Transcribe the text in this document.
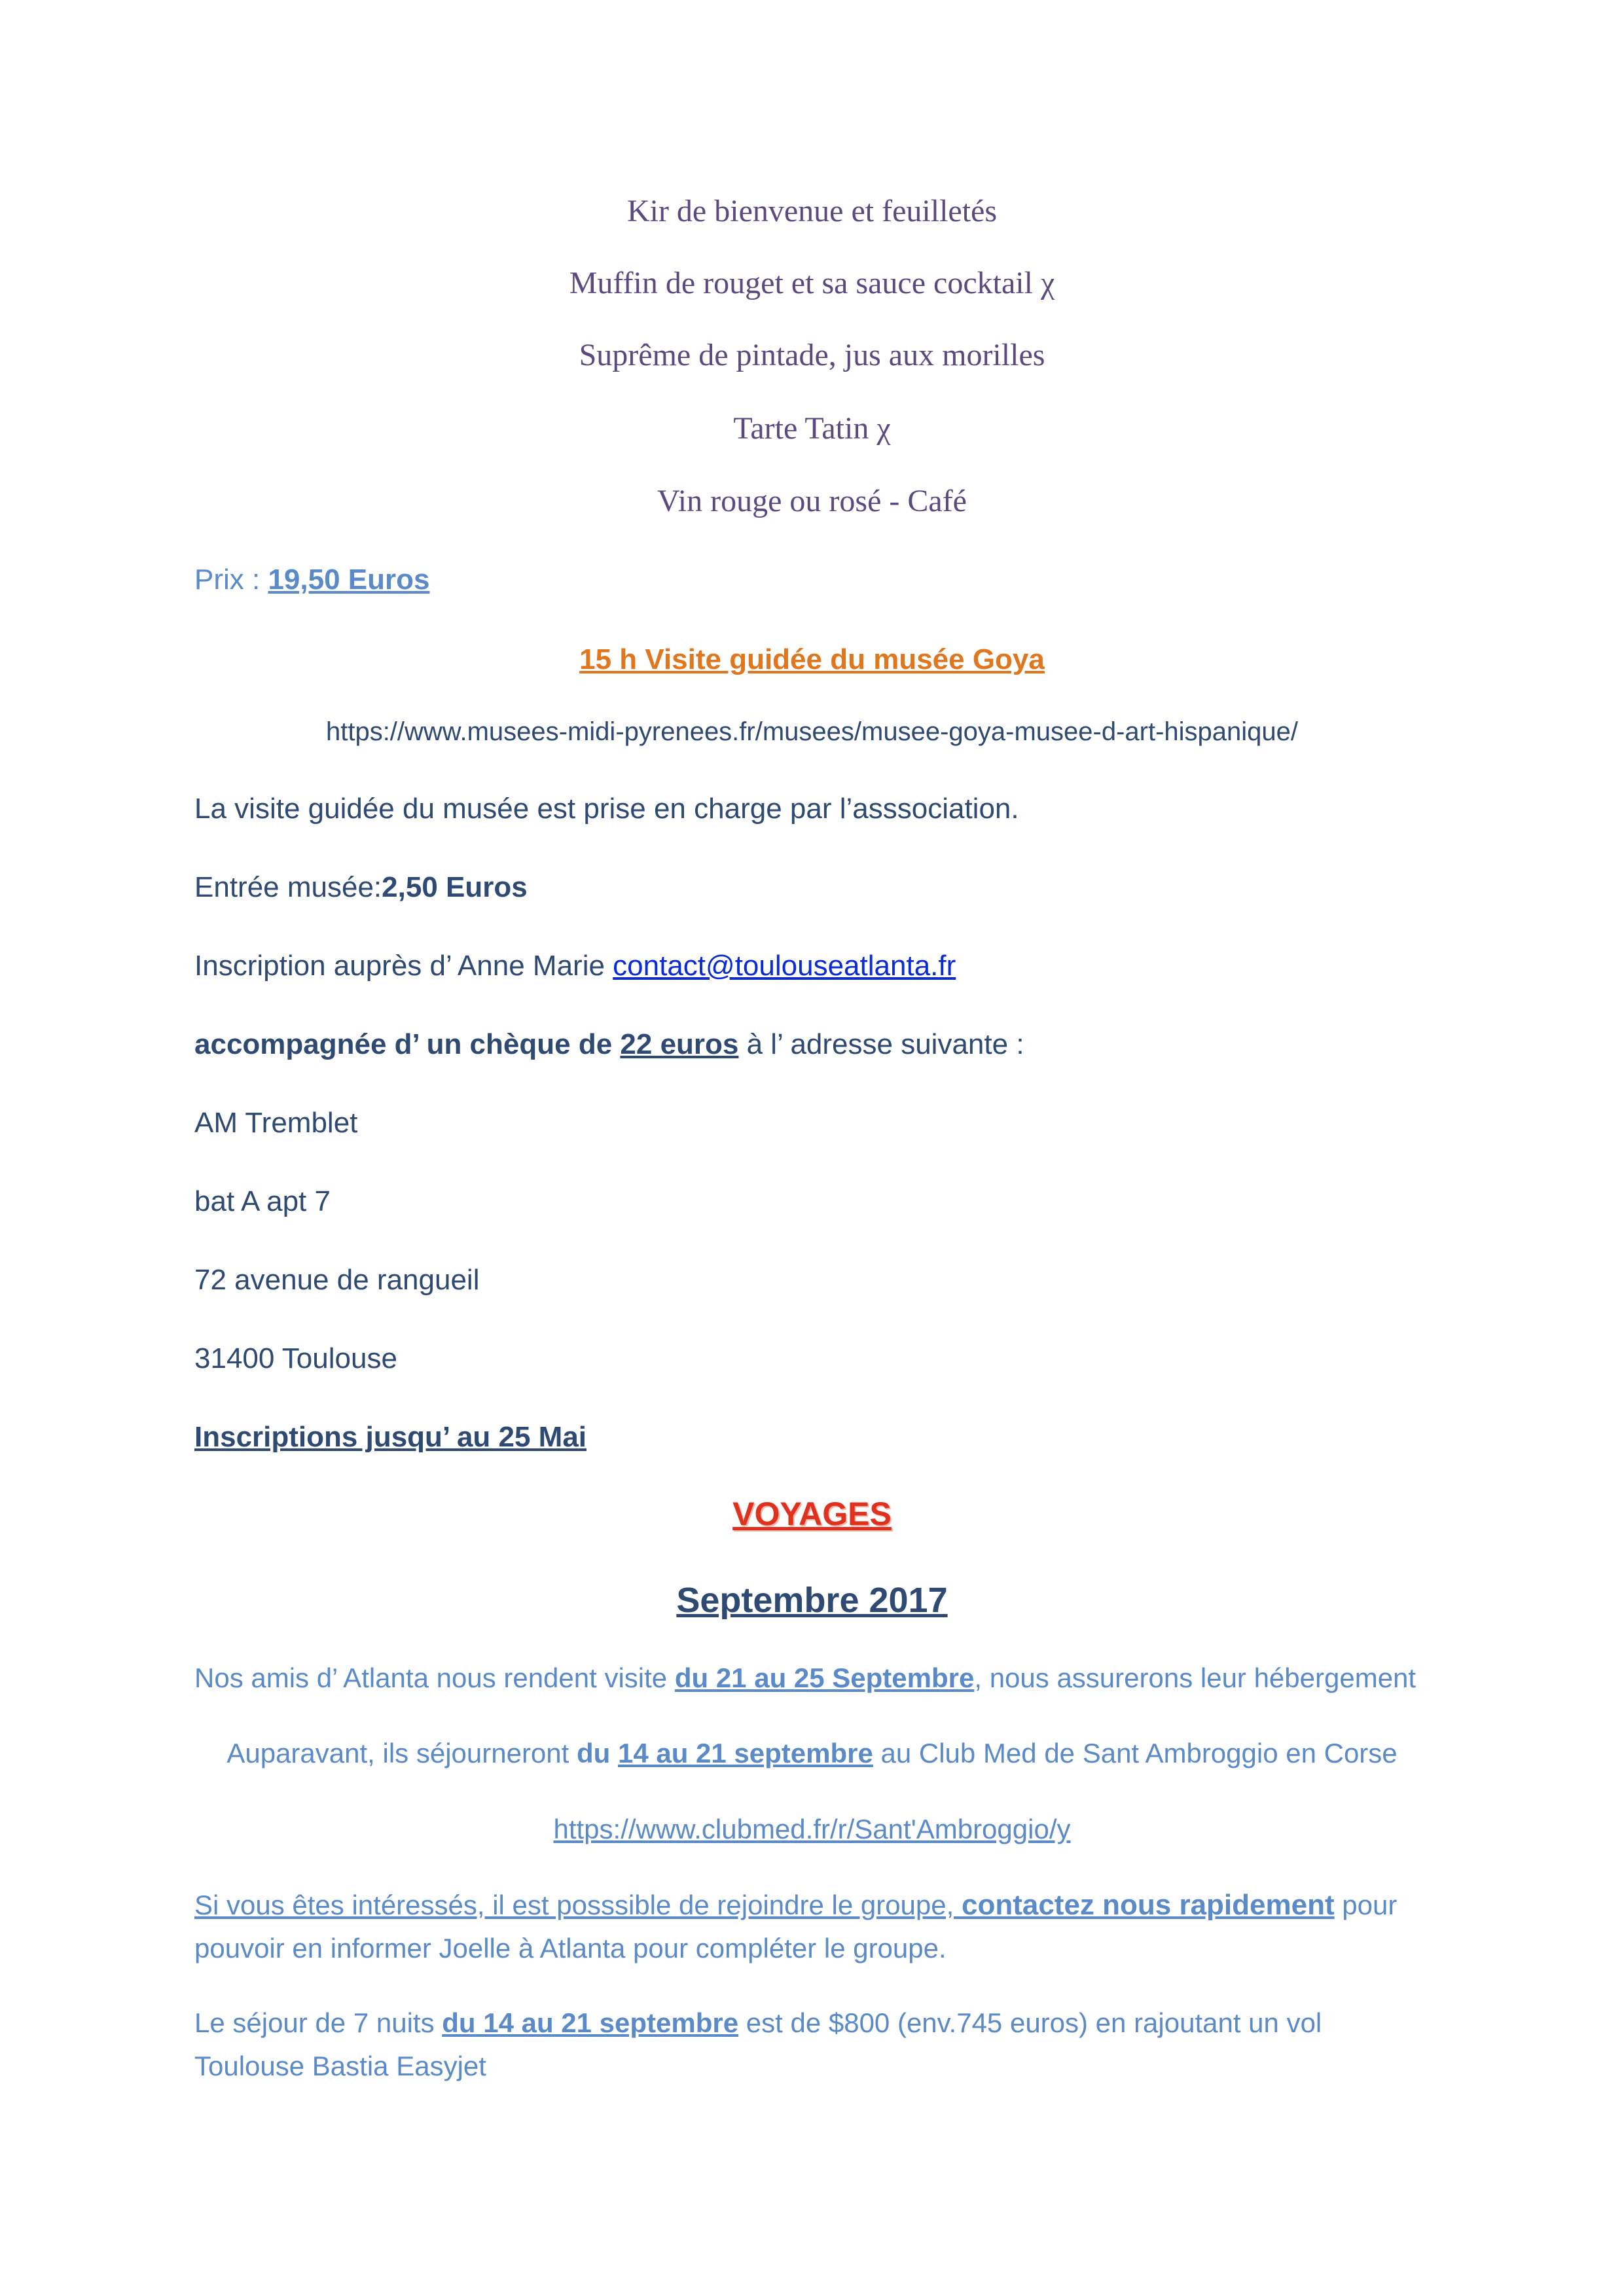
Kir de bienvenue et feuilletés
Muffin de rouget et sa sauce cocktail χ
Suprême de pintade, jus aux morilles
Tarte Tatin χ
Vin rouge ou rosé - Café
Prix : 19,50 Euros
15 h Visite guidée du musée Goya
https://www.musees-midi-pyrenees.fr/musees/musee-goya-musee-d-art-hispanique/
La visite guidée du musée est prise en charge par l’asssociation.
Entrée musée:2,50 Euros
Inscription auprès d’ Anne Marie contact@toulouseatlanta.fr
accompagnée d’ un chèque de 22 euros à l’ adresse suivante :
AM Tremblet
bat A apt 7
72 avenue de rangueil
31400 Toulouse
Inscriptions jusqu’ au 25 Mai
VOYAGES
Septembre 2017
Nos amis d’ Atlanta nous rendent visite du 21 au 25 Septembre, nous assurerons leur hébergement
Auparavant, ils séjourneront du 14 au 21 septembre au Club Med de Sant Ambroggio en Corse
https://www.clubmed.fr/r/Sant'Ambroggio/y
Si vous êtes intéressés, il est posssible de rejoindre le groupe, contactez nous rapidement pour pouvoir en informer Joelle à Atlanta pour compléter le groupe.
Le séjour de 7 nuits du 14 au 21 septembre est de $800 (env.745 euros) en rajoutant un vol Toulouse Bastia Easyjet
